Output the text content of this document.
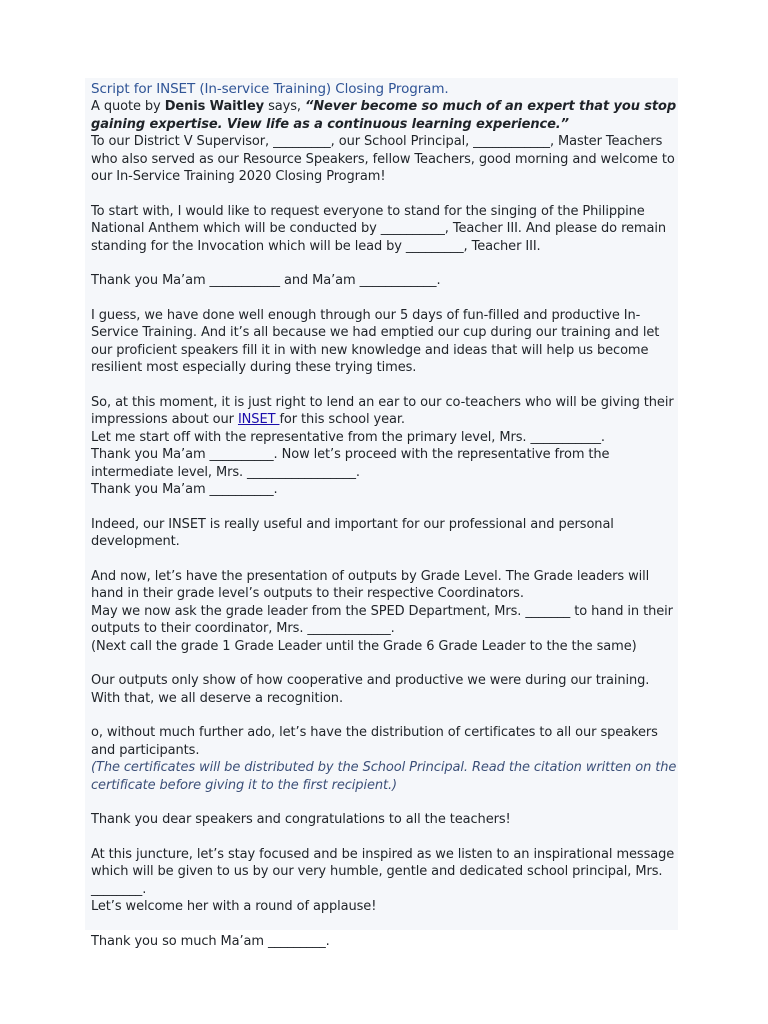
Script for INSET (In-service Training) Closing Program.

A quote by Denis Waitley says, “Never become so much of an expert that you stop gaining expertise. View life as a continuous learning experience.”

To our District V Supervisor, _________, our School Principal, ____________, Master Teachers who also served as our Resource Speakers, fellow Teachers, good morning and welcome to our In-Service Training 2020 Closing Program!

To start with, I would like to request everyone to stand for the singing of the Philippine National Anthem which will be conducted by __________, Teacher III. And please do remain standing for the Invocation which will be lead by _________, Teacher III.

Thank you Ma’am ___________ and Ma’am ____________.

I guess, we have done well enough through our 5 days of fun-filled and productive In-Service Training. And it’s all because we had emptied our cup during our training and let our proficient speakers fill it in with new knowledge and ideas that will help us become resilient most especially during these trying times.

So, at this moment, it is just right to lend an ear to our co-teachers who will be giving their impressions about our INSET for this school year.

Let me start off with the representative from the primary level, Mrs. ___________.

Thank you Ma’am __________. Now let’s proceed with the representative from the intermediate level, Mrs. _________________.

Thank you Ma’am __________.

Indeed, our INSET is really useful and important for our professional and personal development.

And now, let’s have the presentation of outputs by Grade Level. The Grade leaders will hand in their grade level’s outputs to their respective Coordinators.

May we now ask the grade leader from the SPED Department, Mrs. _______ to hand in their outputs to their coordinator, Mrs. _____________.

(Next call the grade 1 Grade Leader until the Grade 6 Grade Leader to the the same)

Our outputs only show of how cooperative and productive we were during our training. With that, we all deserve a recognition.

o, without much further ado, let’s have the distribution of certificates to all our speakers and participants.

(The certificates will be distributed by the School Principal. Read the citation written on the certificate before giving it to the first recipient.)

Thank you dear speakers and congratulations to all the teachers!

At this juncture, let’s stay focused and be inspired as we listen to an inspirational message which will be given to us by our very humble, gentle and dedicated school principal, Mrs. ________.

Let’s welcome her with a round of applause!

Thank you so much Ma’am _________.
